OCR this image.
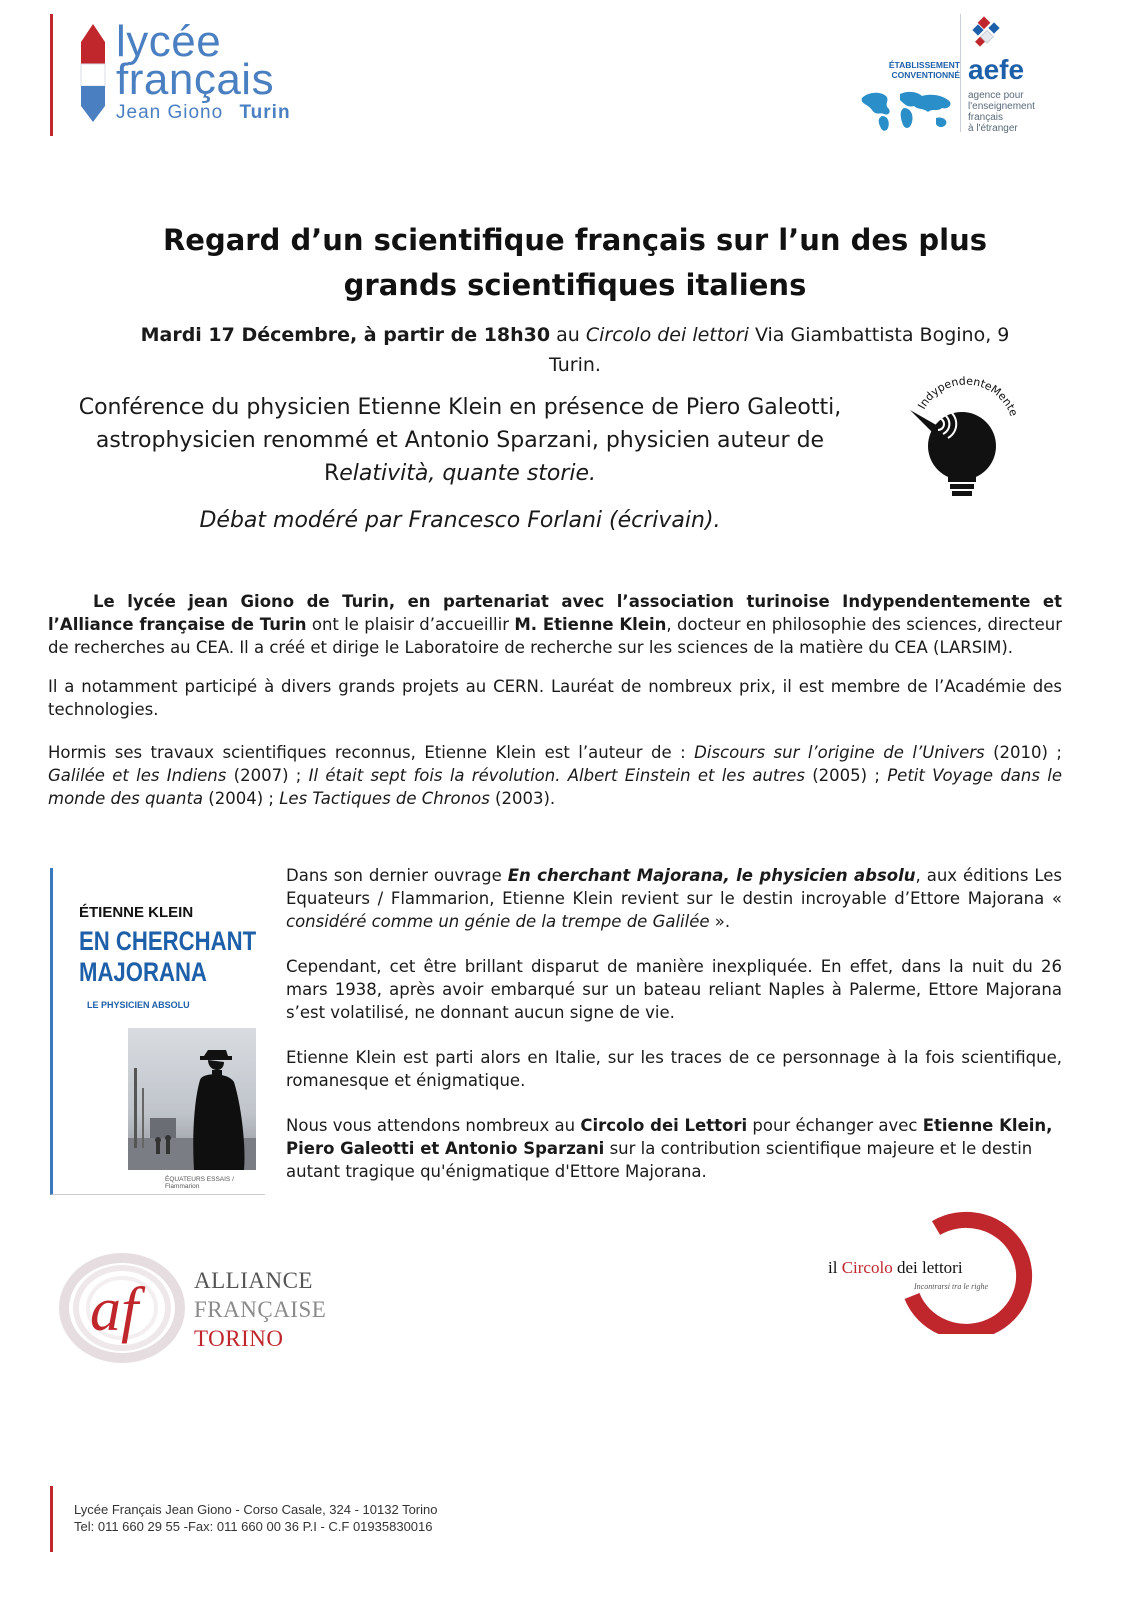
lycée
français
Jean Giono Turin
ÉTABLISSEMENT CONVENTIONNÉ aefe
agence pour
l'enseignement
français
à l'étranger
Regard d’un scientifique français sur l’un des plus
grands scientifiques italiens
Mardi 17 Décembre, à partir de 18h30 au Circolo dei lettori Via Giambattista Bogino, 9
Turin.
Conférence du physicien Etienne Klein en présence de Piero Galeotti, astrophysicien renommé et Antonio Sparzani, physicien auteur de Relatività, quante storie.
Débat modéré par Francesco Forlani (écrivain).
IndypendenteMente

Le lycée jean Giono de Turin, en partenariat avec l’association turinoise Indypendentemente et l’Alliance française de Turin ont le plaisir d’accueillir M. Etienne Klein, docteur en philosophie des sciences, directeur de recherches au CEA. Il a créé et dirige le Laboratoire de recherche sur les sciences de la matière du CEA (LARSIM).

Il a notamment participé à divers grands projets au CERN. Lauréat de nombreux prix, il est membre de l’Académie des technologies.

Hormis ses travaux scientifiques reconnus, Etienne Klein est l’auteur de : Discours sur l’origine de l’Univers (2010) ; Galilée et les Indiens (2007) ; Il était sept fois la révolution. Albert Einstein et les autres (2005) ; Petit Voyage dans le monde des quanta (2004) ; Les Tactiques de Chronos (2003).

ÉTIENNE KLEIN
EN CHERCHANT
MAJORANA
LE PHYSICIEN ABSOLU
ÉQUATEURS ESSAIS / Flammarion

Dans son dernier ouvrage En cherchant Majorana, le physicien absolu, aux éditions Les Equateurs / Flammarion, Etienne Klein revient sur le destin incroyable d’Ettore Majorana « considéré comme un génie de la trempe de Galilée ».

Cependant, cet être brillant disparut de manière inexpliquée. En effet, dans la nuit du 26 mars 1938, après avoir embarqué sur un bateau reliant Naples à Palerme, Ettore Majorana s’est volatilisé, ne donnant aucun signe de vie.

Etienne Klein est parti alors en Italie, sur les traces de ce personnage à la fois scientifique, romanesque et énigmatique.

Nous vous attendons nombreux au Circolo dei Lettori pour échanger avec Etienne Klein, Piero Galeotti et Antonio Sparzani sur la contribution scientifique majeure et le destin autant tragique qu'énigmatique d'Ettore Majorana.

af	ALLIANCE
FRANÇAISE
TORINO
il Circolo dei lettori
Incontrarsi tra le righe
Lycée Français Jean Giono - Corso Casale, 324 - 10132 Torino
Tel: 011 660 29 55 -Fax: 011 660 00 36 P.I - C.F 01935830016
